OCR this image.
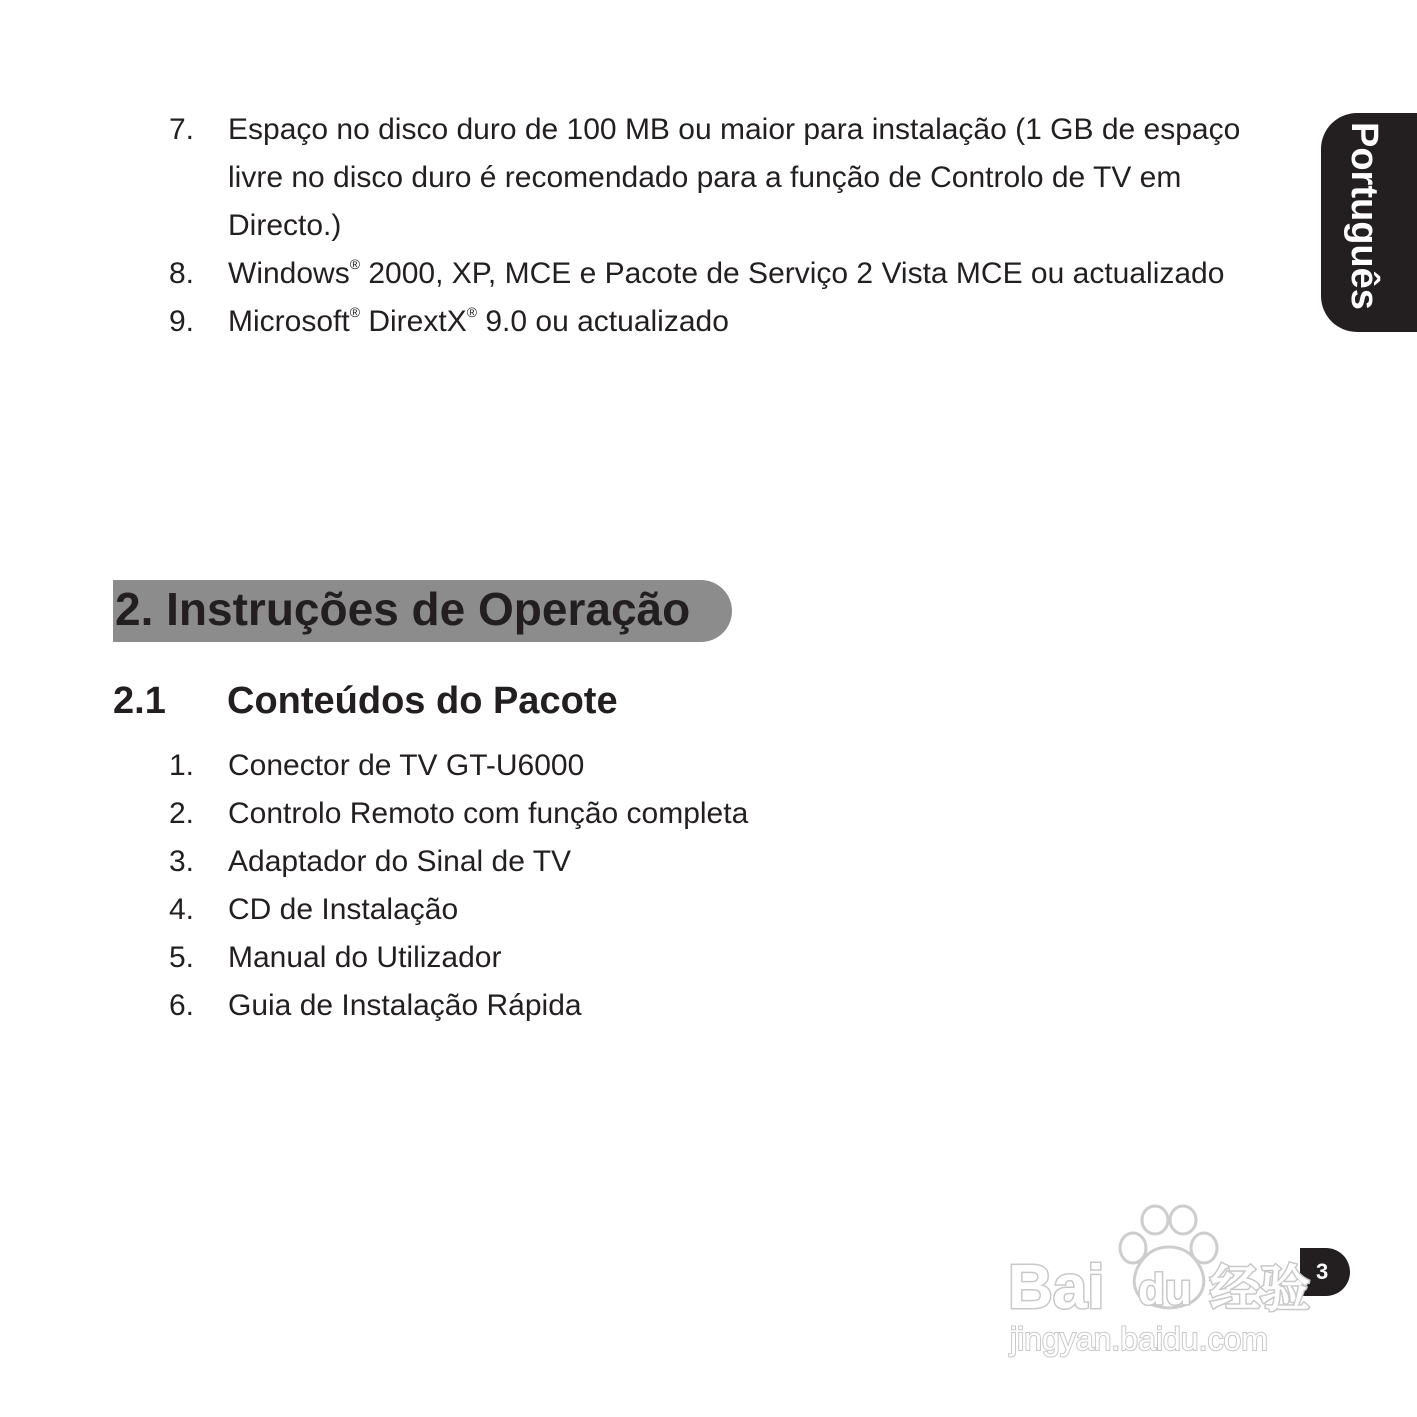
Português
7. Espaço no disco duro de 100 MB ou maior para instalação (1 GB de espaço
livre no disco duro é recomendado para a função de Controlo de TV em
Directo.)
8. Windows® 2000, XP, MCE e Pacote de Serviço 2 Vista MCE ou actualizado
9. Microsoft® DirextX® 9.0 ou actualizado
2. Instruções de Operação
2.1 Conteúdos do Pacote
1. Conector de TV GT-U6000
2. Controlo Remoto com função completa
3. Adaptador do Sinal de TV
4. CD de Instalação
5. Manual do Utilizador
6. Guia de Instalação Rápida
3
Bai du 经验
jingyan.baidu.com
